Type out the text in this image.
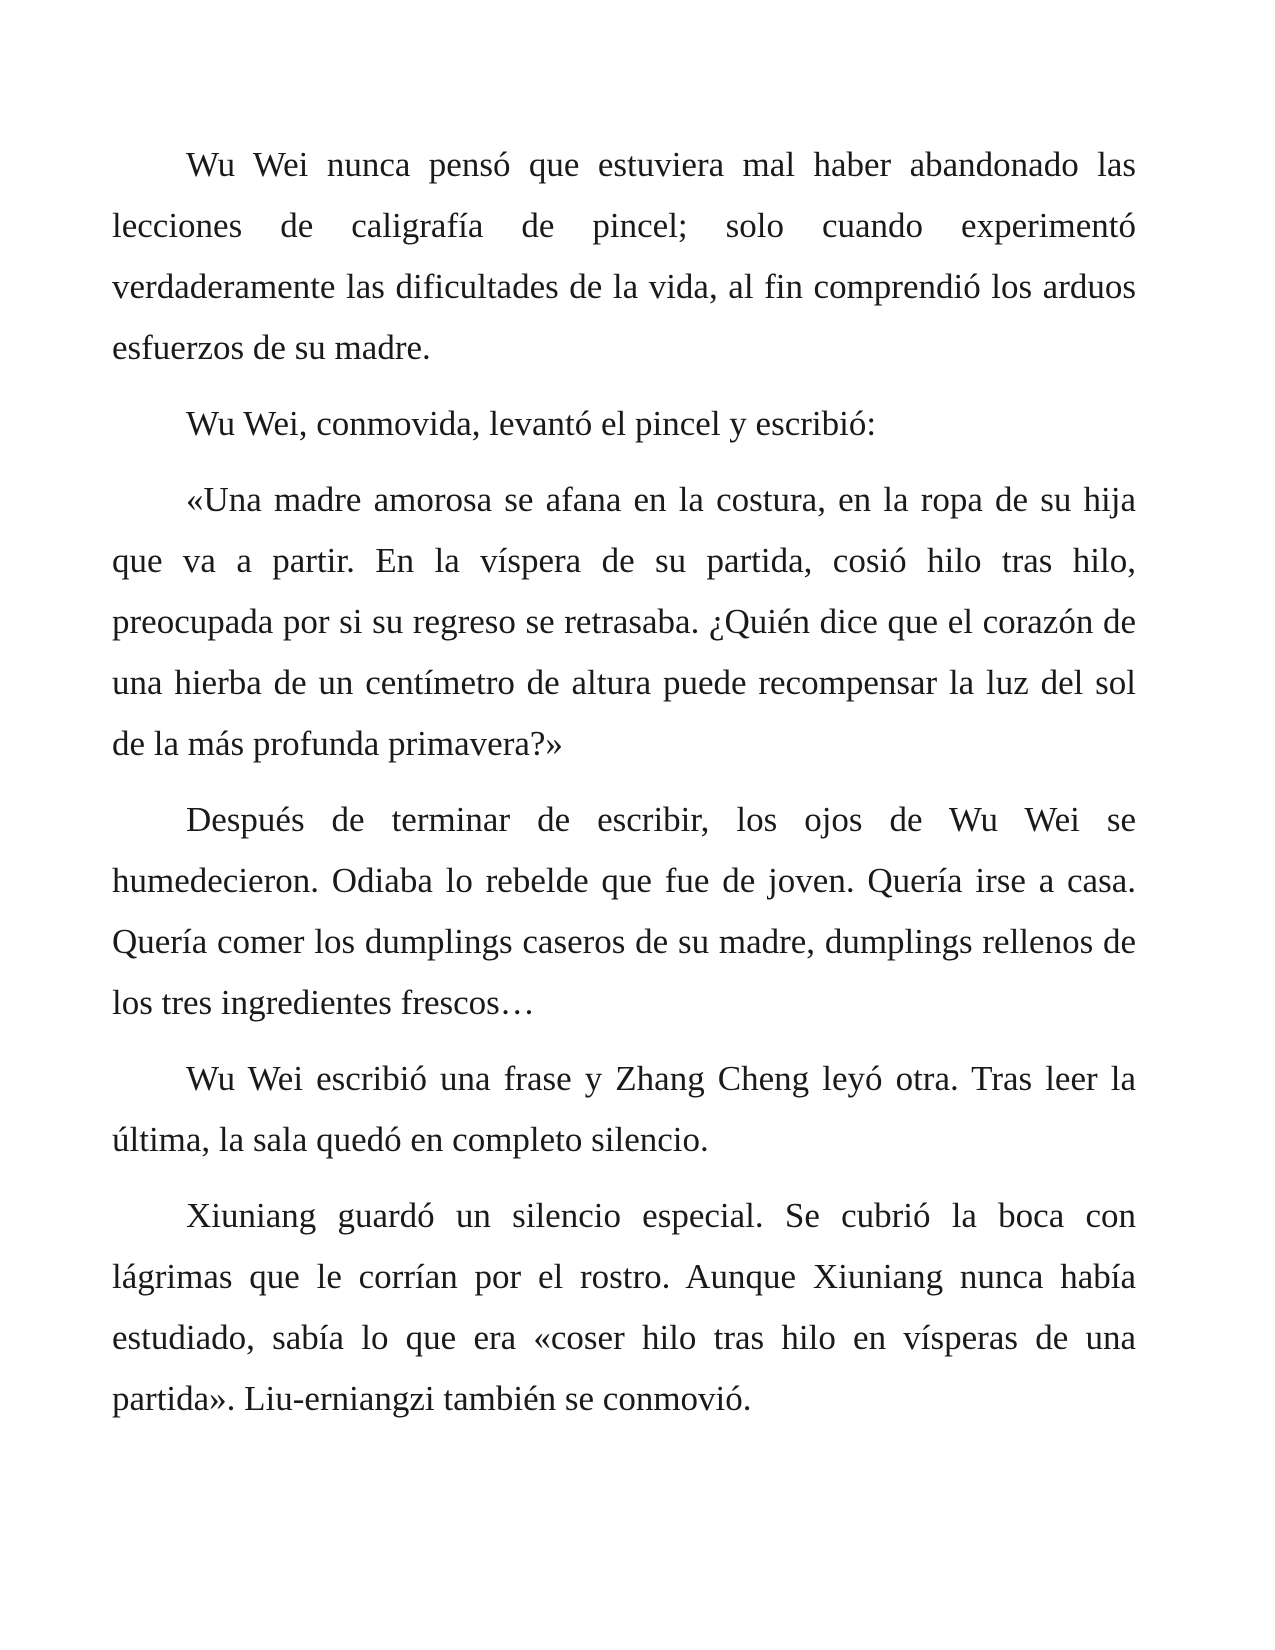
Wu Wei nunca pensó que estuviera mal haber abandonado las lecciones de caligrafía de pincel; solo cuando experimentó verdaderamente las dificultades de la vida, al fin comprendió los arduos esfuerzos de su madre.

Wu Wei, conmovida, levantó el pincel y escribió:

«Una madre amorosa se afana en la costura, en la ropa de su hija que va a partir. En la víspera de su partida, cosió hilo tras hilo, preocupada por si su regreso se retrasaba. ¿Quién dice que el corazón de una hierba de un centímetro de altura puede recompensar la luz del sol de la más profunda primavera?»

Después de terminar de escribir, los ojos de Wu Wei se humedecieron. Odiaba lo rebelde que fue de joven. Quería irse a casa. Quería comer los dumplings caseros de su madre, dumplings rellenos de los tres ingredientes frescos…

Wu Wei escribió una frase y Zhang Cheng leyó otra. Tras leer la última, la sala quedó en completo silencio.

Xiuniang guardó un silencio especial. Se cubrió la boca con lágrimas que le corrían por el rostro. Aunque Xiuniang nunca había estudiado, sabía lo que era «coser hilo tras hilo en vísperas de una partida». Liu-erniangzi también se conmovió.
